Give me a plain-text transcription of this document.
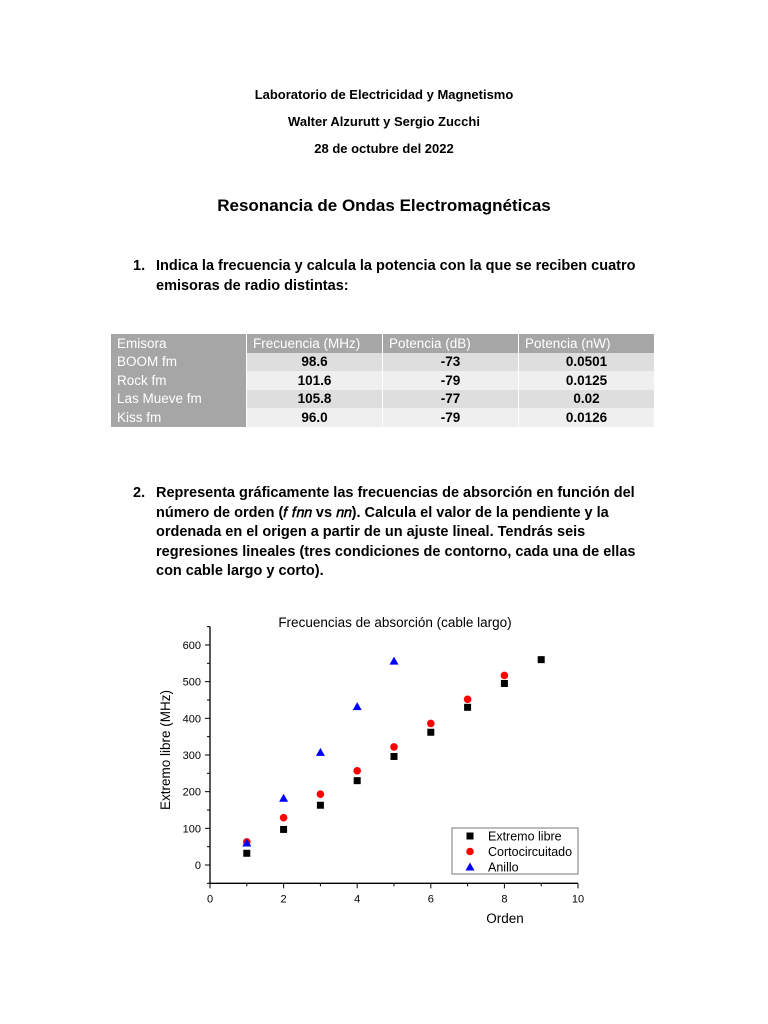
Laboratorio de Electricidad y Magnetismo
Walter Alzurutt y Sergio Zucchi
28 de octubre del 2022
Resonancia de Ondas Electromagnéticas
1. Indica la frecuencia y calcula la potencia con la que se reciben cuatro emisoras de radio distintas:
Emisora	Frecuencia (MHz)	Potencia (dB)	Potencia (nW)
BOOM fm	98.6	-73	0.0501
Rock fm	101.6	-79	0.0125
Las Mueve fm	105.8	-77	0.02
Kiss fm	96.0	-79	0.0126
2. Representa gráficamente las frecuencias de absorción en función del número de orden (𝑓 𝑓𝑛𝑛 vs 𝑛𝑛). Calcula el valor de la pendiente y la ordenada en el origen a partir de un ajuste lineal. Tendrás seis regresiones lineales (tres condiciones de contorno, cada una de ellas con cable largo y corto).
Frecuencias de absorción (cable largo)
Orden
Extremo libre (MHz)
0	2	4	6	8	10
0
100
200
300
400
500
600
Extremo libre
Cortocircuitado
Anillo
